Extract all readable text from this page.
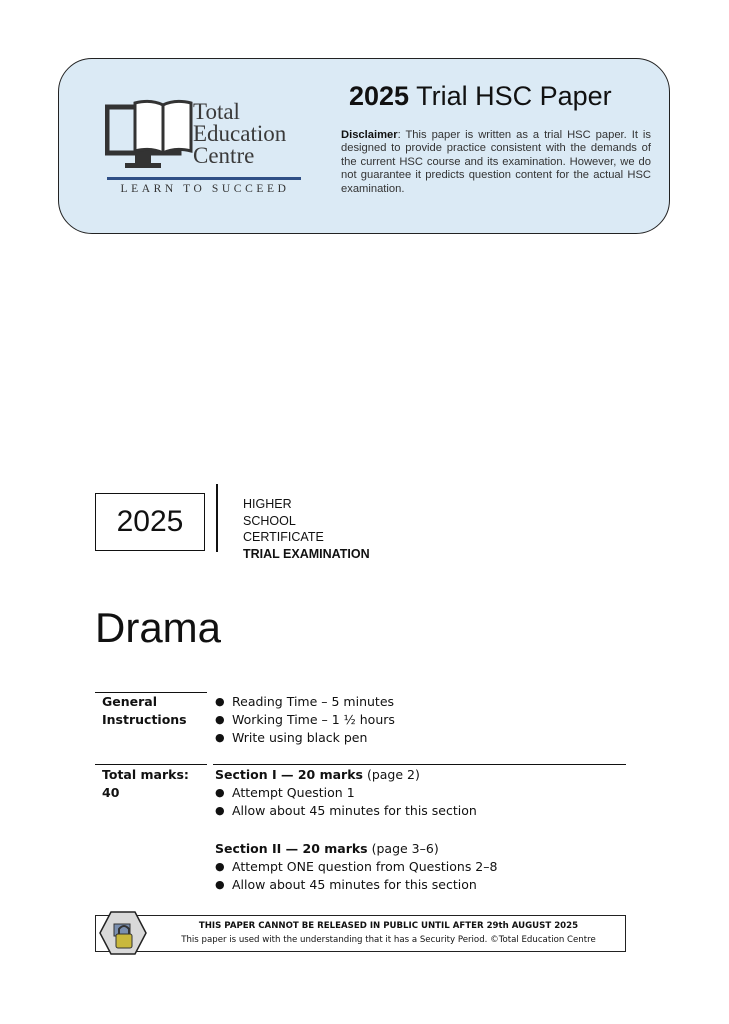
Total
Education
Centre
LEARN TO SUCCEED
2025 Trial HSC Paper
Disclaimer: This paper is written as a trial HSC paper. It is designed to provide practice consistent with the demands of the current HSC course and its examination. However, we do not guarantee it predicts question content for the actual HSC examination.
2025
HIGHER
SCHOOL
CERTIFICATE
TRIAL EXAMINATION
Drama
General
Instructions
● Reading Time – 5 minutes
● Working Time – 1 ½ hours
● Write using black pen
Total marks:
40
Section I — 20 marks (page 2)
● Attempt Question 1
● Allow about 45 minutes for this section
Section II — 20 marks (page 3–6)
● Attempt ONE question from Questions 2–8
● Allow about 45 minutes for this section
THIS PAPER CANNOT BE RELEASED IN PUBLIC UNTIL AFTER 29th AUGUST 2025
This paper is used with the understanding that it has a Security Period. ©Total Education Centre
